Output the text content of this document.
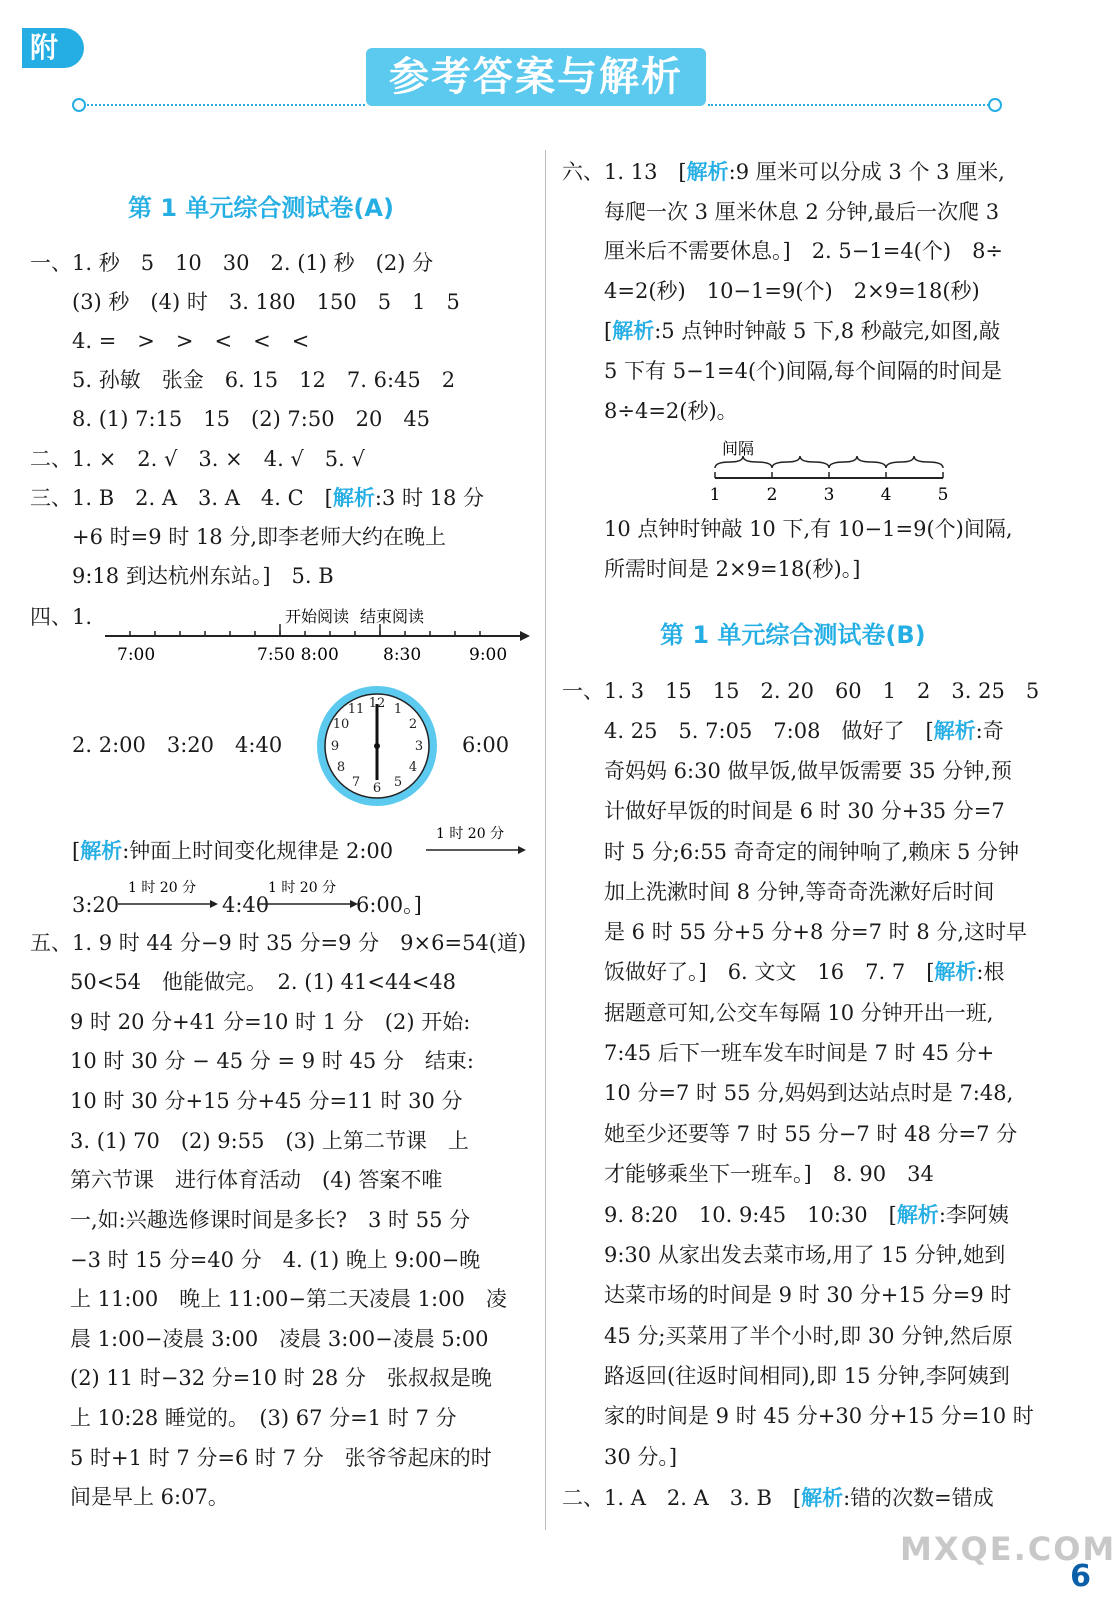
附
参考答案与解析
第 1 单元综合测试卷(A)
一、1. 秒　5　10　30　2. (1) 秒　(2) 分
(3) 秒　(4) 时　3. 180　150　5　1　5
4. =　>　>　<　<　<
5. 孙敏　张金　6. 15　12　7. 6:45　2
8. (1) 7:15　15　(2) 7:50　20　45
二、1. ×　2. √　3. ×　4. √　5. √
三、1. B　2. A　3. A　4. C　[解析:3 时 18 分
+6 时=9 时 18 分,即李老师大约在晚上
9:18 到达杭州东站。]　5. B
四、1.	开始阅读 结束阅读
7:00	7:50 8:00	8:30	9:00
2. 2:00　3:20　4:40
12 1
2
3
4
5
6
7
8
9
10
11
6:00
[解析:钟面上时间变化规律是 2:00
1 时 20 分
3:20
1 时 20 分
4:40
1 时 20 分
6:00。]
五、1. 9 时 44 分−9 时 35 分=9 分　9×6=54(道)
50<54　他能做完。　2. (1) 41<44<48
9 时 20 分+41 分=10 时 1 分　(2) 开始:
10 时 30 分 − 45 分 = 9 时 45 分　结束:
10 时 30 分+15 分+45 分=11 时 30 分
3. (1) 70　(2) 9:55　(3) 上第二节课　上
第六节课　进行体育活动　(4) 答案不唯
一,如:兴趣选修课时间是多长?　3 时 55 分
−3 时 15 分=40 分　4. (1) 晚上 9:00−晚
上 11:00　晚上 11:00−第二天凌晨 1:00　凌
晨 1:00−凌晨 3:00　凌晨 3:00−凌晨 5:00
(2) 11 时−32 分=10 时 28 分　张叔叔是晚
上 10:28 睡觉的。　(3) 67 分=1 时 7 分
5 时+1 时 7 分=6 时 7 分　张爷爷起床的时
间是早上 6:07。
六、1. 13　[解析:9 厘米可以分成 3 个 3 厘米,
每爬一次 3 厘米休息 2 分钟,最后一次爬 3
厘米后不需要休息。]　2. 5−1=4(个)　8÷
4=2(秒)　10−1=9(个)　2×9=18(秒)
[解析:5 点钟时钟敲 5 下,8 秒敲完,如图,敲
5 下有 5−1=4(个)间隔,每个间隔的时间是
8÷4=2(秒)。
间隔
1	2	3	4	5
10 点钟时钟敲 10 下,有 10−1=9(个)间隔,
所需时间是 2×9=18(秒)。]
第 1 单元综合测试卷(B)
一、1. 3　15　15　2. 20　60　1　2　3. 25　5
4. 25　5. 7:05　7:08　做好了　[解析:奇
奇妈妈 6:30 做早饭,做早饭需要 35 分钟,预
计做好早饭的时间是 6 时 30 分+35 分=7
时 5 分;6:55 奇奇定的闹钟响了,赖床 5 分钟
加上洗漱时间 8 分钟,等奇奇洗漱好后时间
是 6 时 55 分+5 分+8 分=7 时 8 分,这时早
饭做好了。]　6. 文文　16　7. 7　[解析:根
据题意可知,公交车每隔 10 分钟开出一班,
7:45 后下一班车发车时间是 7 时 45 分+
10 分=7 时 55 分,妈妈到达站点时是 7:48,
她至少还要等 7 时 55 分−7 时 48 分=7 分
才能够乘坐下一班车。]　8. 90　34
9. 8:20　10. 9:45　10:30　[解析:李阿姨
9:30 从家出发去菜市场,用了 15 分钟,她到
达菜市场的时间是 9 时 30 分+15 分=9 时
45 分;买菜用了半个小时,即 30 分钟,然后原
路返回(往返时间相同),即 15 分钟,李阿姨到
家的时间是 9 时 45 分+30 分+15 分=10 时
30 分。]
二、1. A　2. A　3. B　[解析:错的次数=错成
MXQE.COM
6
